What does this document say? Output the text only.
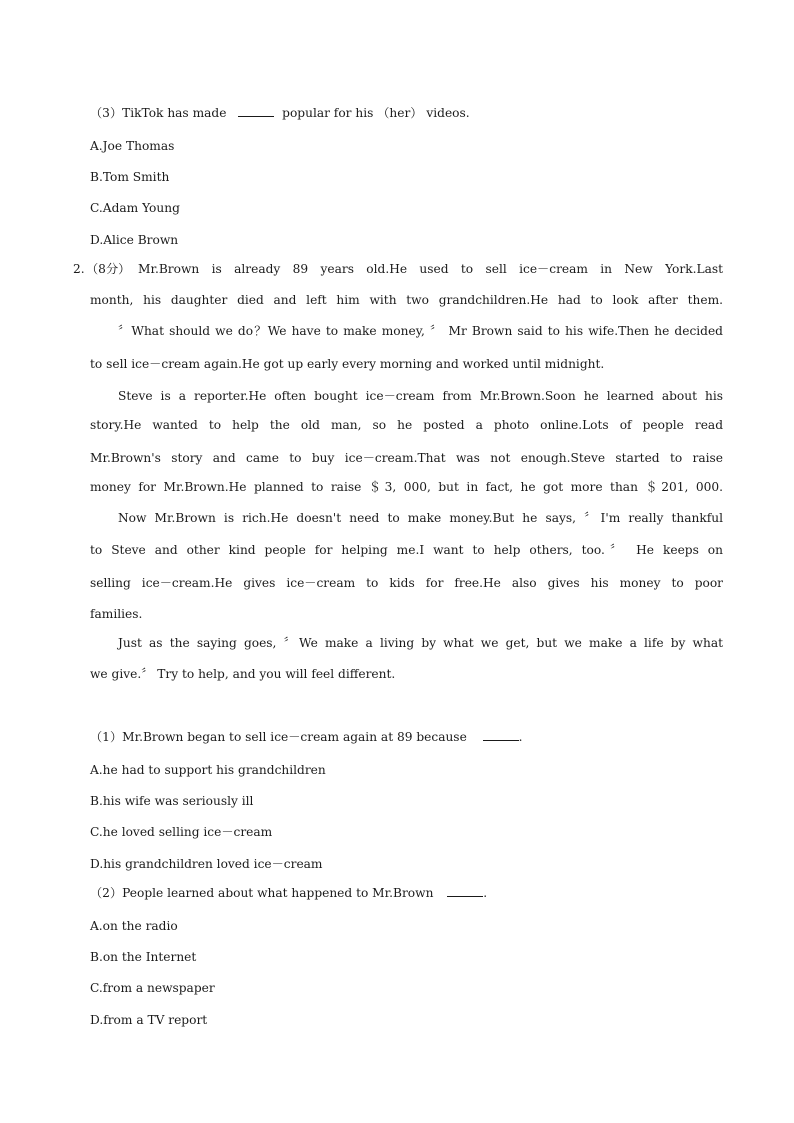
（3）TikTok has made	popular for his （her） videos.
A.Joe Thomas
B.Tom Smith
C.Adam Young
D.Alice Brown
2. （8分） Mr.Brown is already 89 years old.He used to sell ice－cream in New York.Last
month, his daughter died and left him with two grandchildren.He had to look after them.
〞What should we do？We have to make money, 〞 Mr Brown said to his wife.Then he decided
to sell ice－cream again.He got up early every morning and worked until midnight.
Steve is a reporter.He often bought ice－cream from Mr.Brown.Soon he learned about his
story.He wanted to help the old man, so he posted a photo online.Lots of people read
Mr.Brown's story and came to buy ice－cream.That was not enough.Steve started to raise
money for Mr.Brown.He planned to raise ＄3, 000, but in fact, he got more than ＄201, 000.
Now Mr.Brown is rich.He doesn't need to make money.But he says, 〞I'm really thankful
to Steve and other kind people for helping me.I want to help others, too.〞 He keeps on
selling ice－cream.He gives ice－cream to kids for free.He also gives his money to poor
families.
Just as the saying goes, 〞We make a living by what we get, but we make a life by what
we give.〞 Try to help, and you will feel different.
（1）Mr.Brown began to sell ice－cream again at 89 because	.
A.he had to support his grandchildren
B.his wife was seriously ill
C.he loved selling ice－cream
D.his grandchildren loved ice－cream
（2）People learned about what happened to Mr.Brown	.
A.on the radio
B.on the Internet
C.from a newspaper
D.from a TV report
